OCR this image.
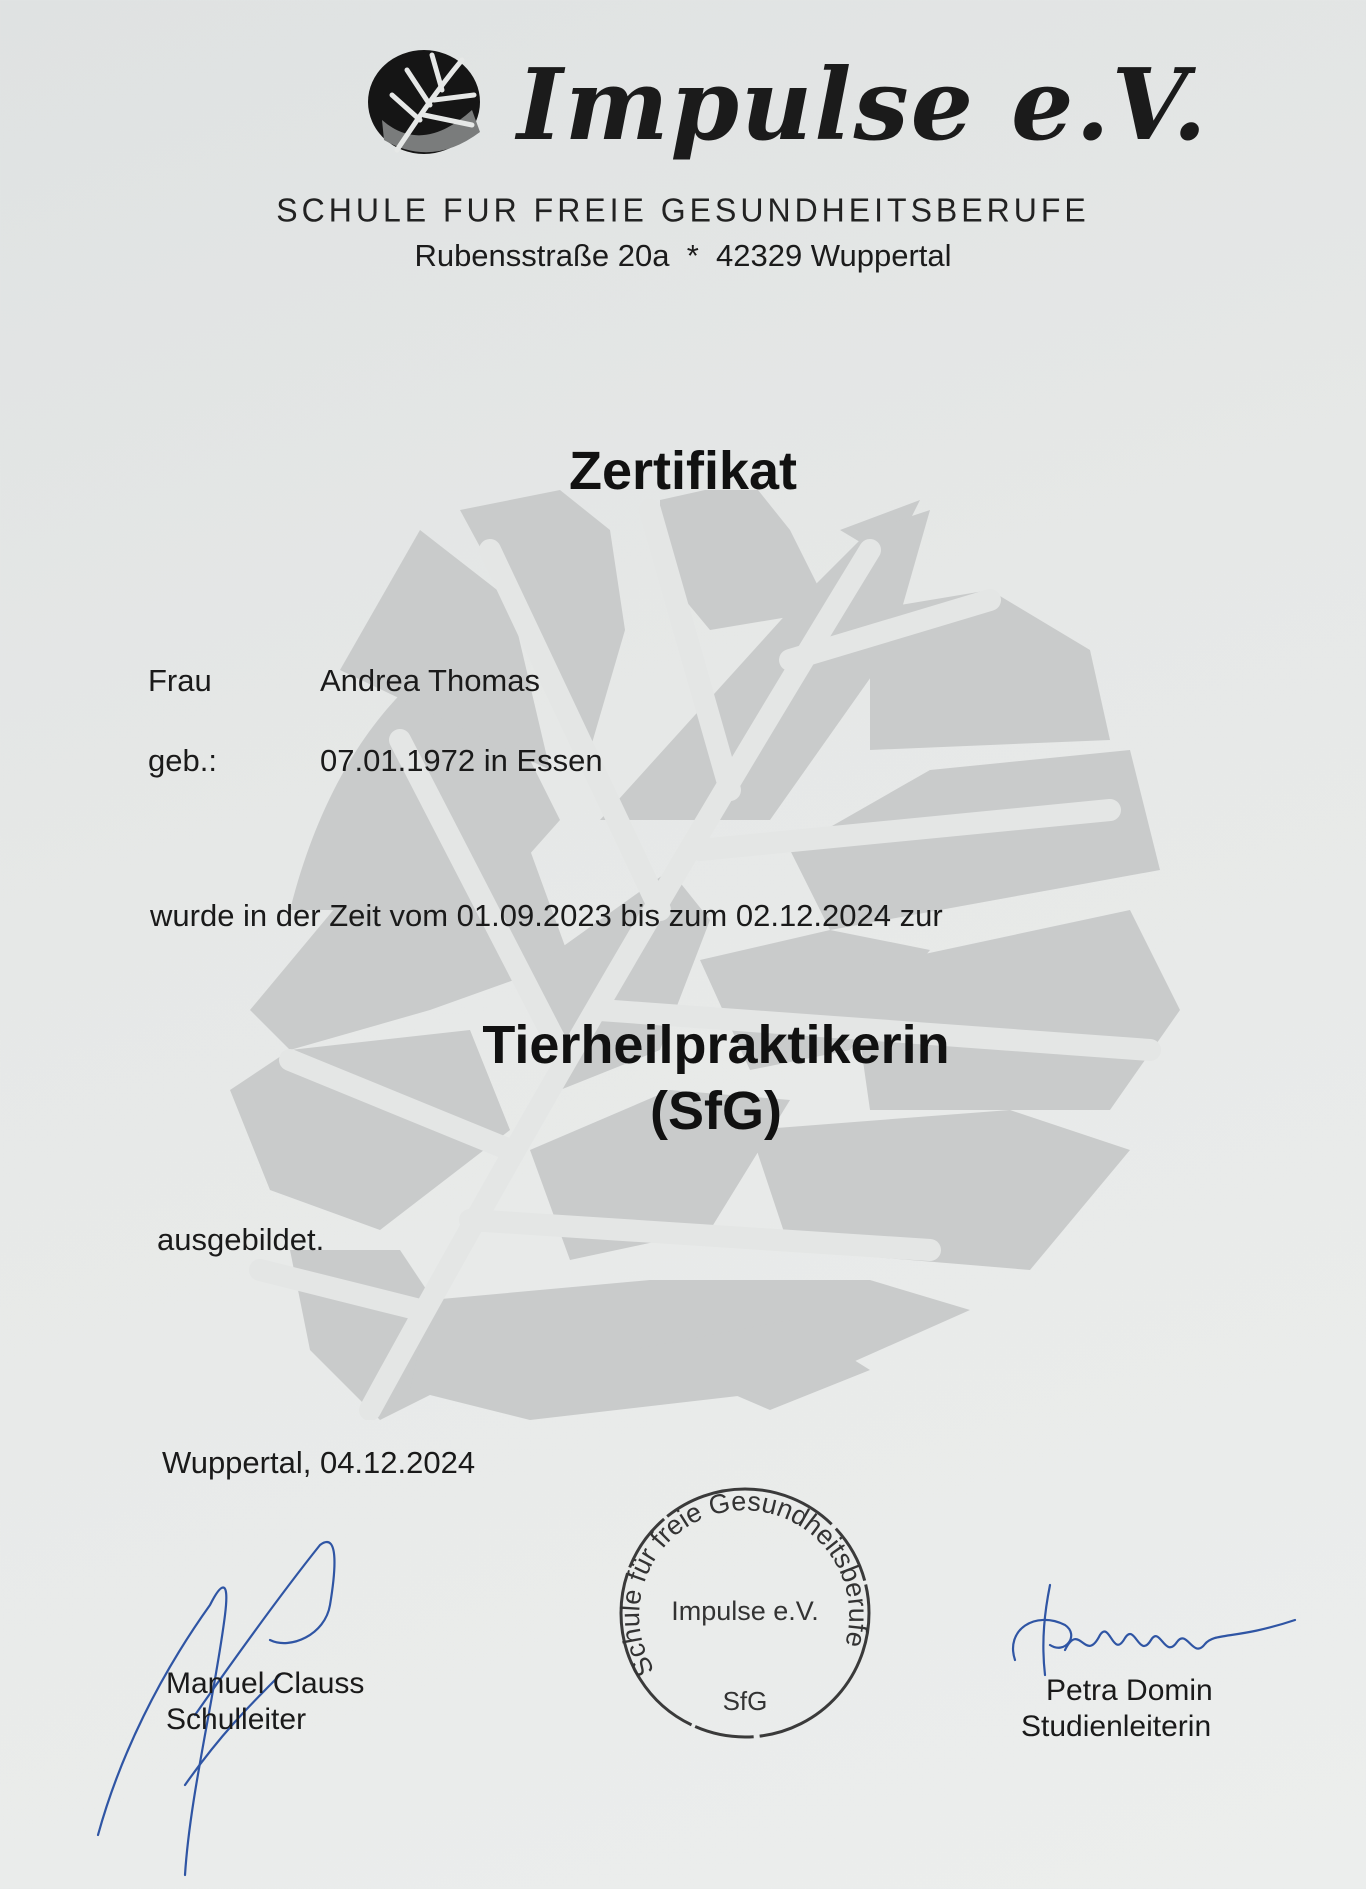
Impulse e.V.
SCHULE FUR FREIE GESUNDHEITSBERUFE
Rubensstraße 20a  *  42329 Wuppertal
Zertifikat
Frau	Andrea Thomas
geb.:	07.01.1972 in Essen
wurde in der Zeit vom 01.09.2023 bis zum 02.12.2024 zur
Tierheilpraktikerin
(SfG)
ausgebildet.
Wuppertal, 04.12.2024
Schule für freie Gesundheitsberufe
Impulse e.V.
SfG
Manuel Clauss
Schulleiter
Petra Domin
Studienleiterin
